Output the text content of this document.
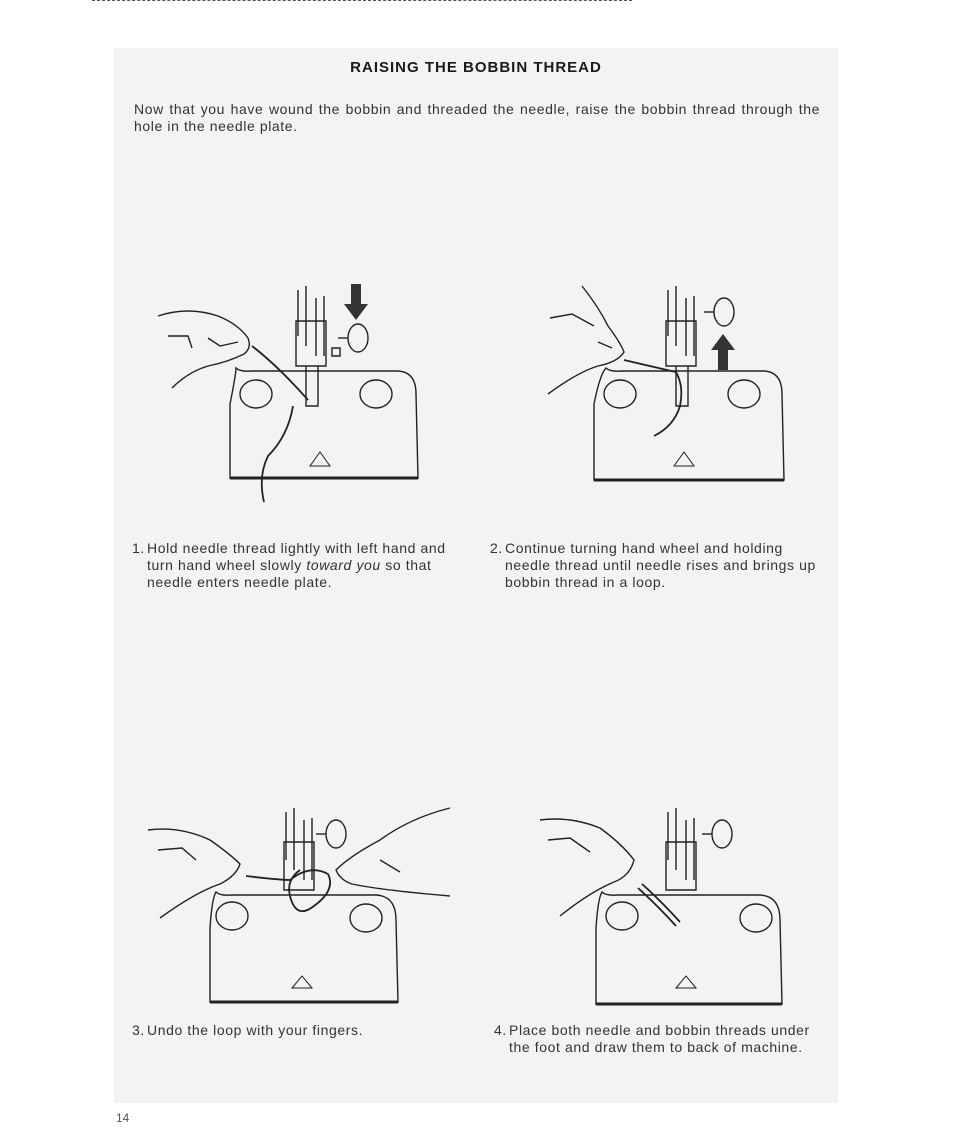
RAISING THE BOBBIN THREAD
Now that you have wound the bobbin and threaded the needle, raise the bobbin thread through the hole in the needle plate.
1. Hold needle thread lightly with left hand and turn hand wheel slowly toward you so that needle enters needle plate.
2. Continue turning hand wheel and holding needle thread until needle rises and brings up bobbin thread in a loop.
3. Undo the loop with your fingers.	4. Place both needle and bobbin threads under the foot and draw them to back of machine.
14
